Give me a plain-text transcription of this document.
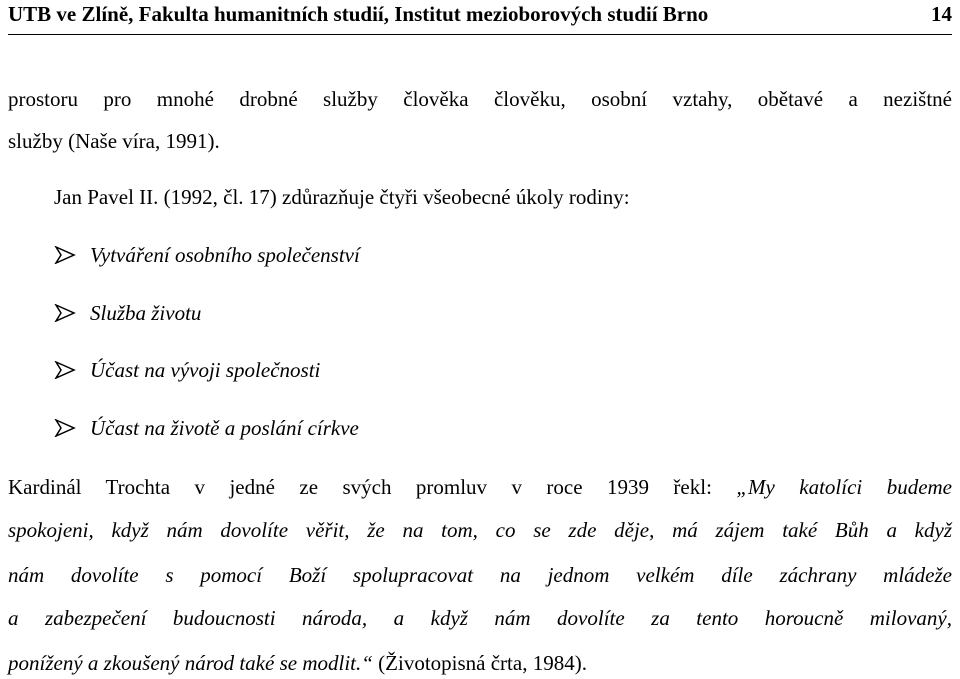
UTB ve Zlíně, Fakulta humanitních studií, Institut mezioborových studií Brno	14
prostoru pro mnohé drobné služby člověka člověku, osobní vztahy, obětavé a nezištné
služby (Naše víra, 1991).
Jan Pavel II. (1992, čl. 17) zdůrazňuje čtyři všeobecné úkoly rodiny:
Vytváření osobního společenství
Služba životu
Účast na vývoji společnosti
Účast na životě a poslání církve
Kardinál Trochta v jedné ze svých promluv v roce 1939 řekl: „My katolíci budeme
spokojeni, když nám dovolíte věřit, že na tom, co se zde děje, má zájem také Bůh a když
nám dovolíte s pomocí Boží spolupracovat na jednom velkém díle záchrany mládeže
a zabezpečení budoucnosti národa, a když nám dovolíte za tento horoucně milovaný,
ponížený a zkoušený národ také se modlit.“ (Životopisná črta, 1984).
